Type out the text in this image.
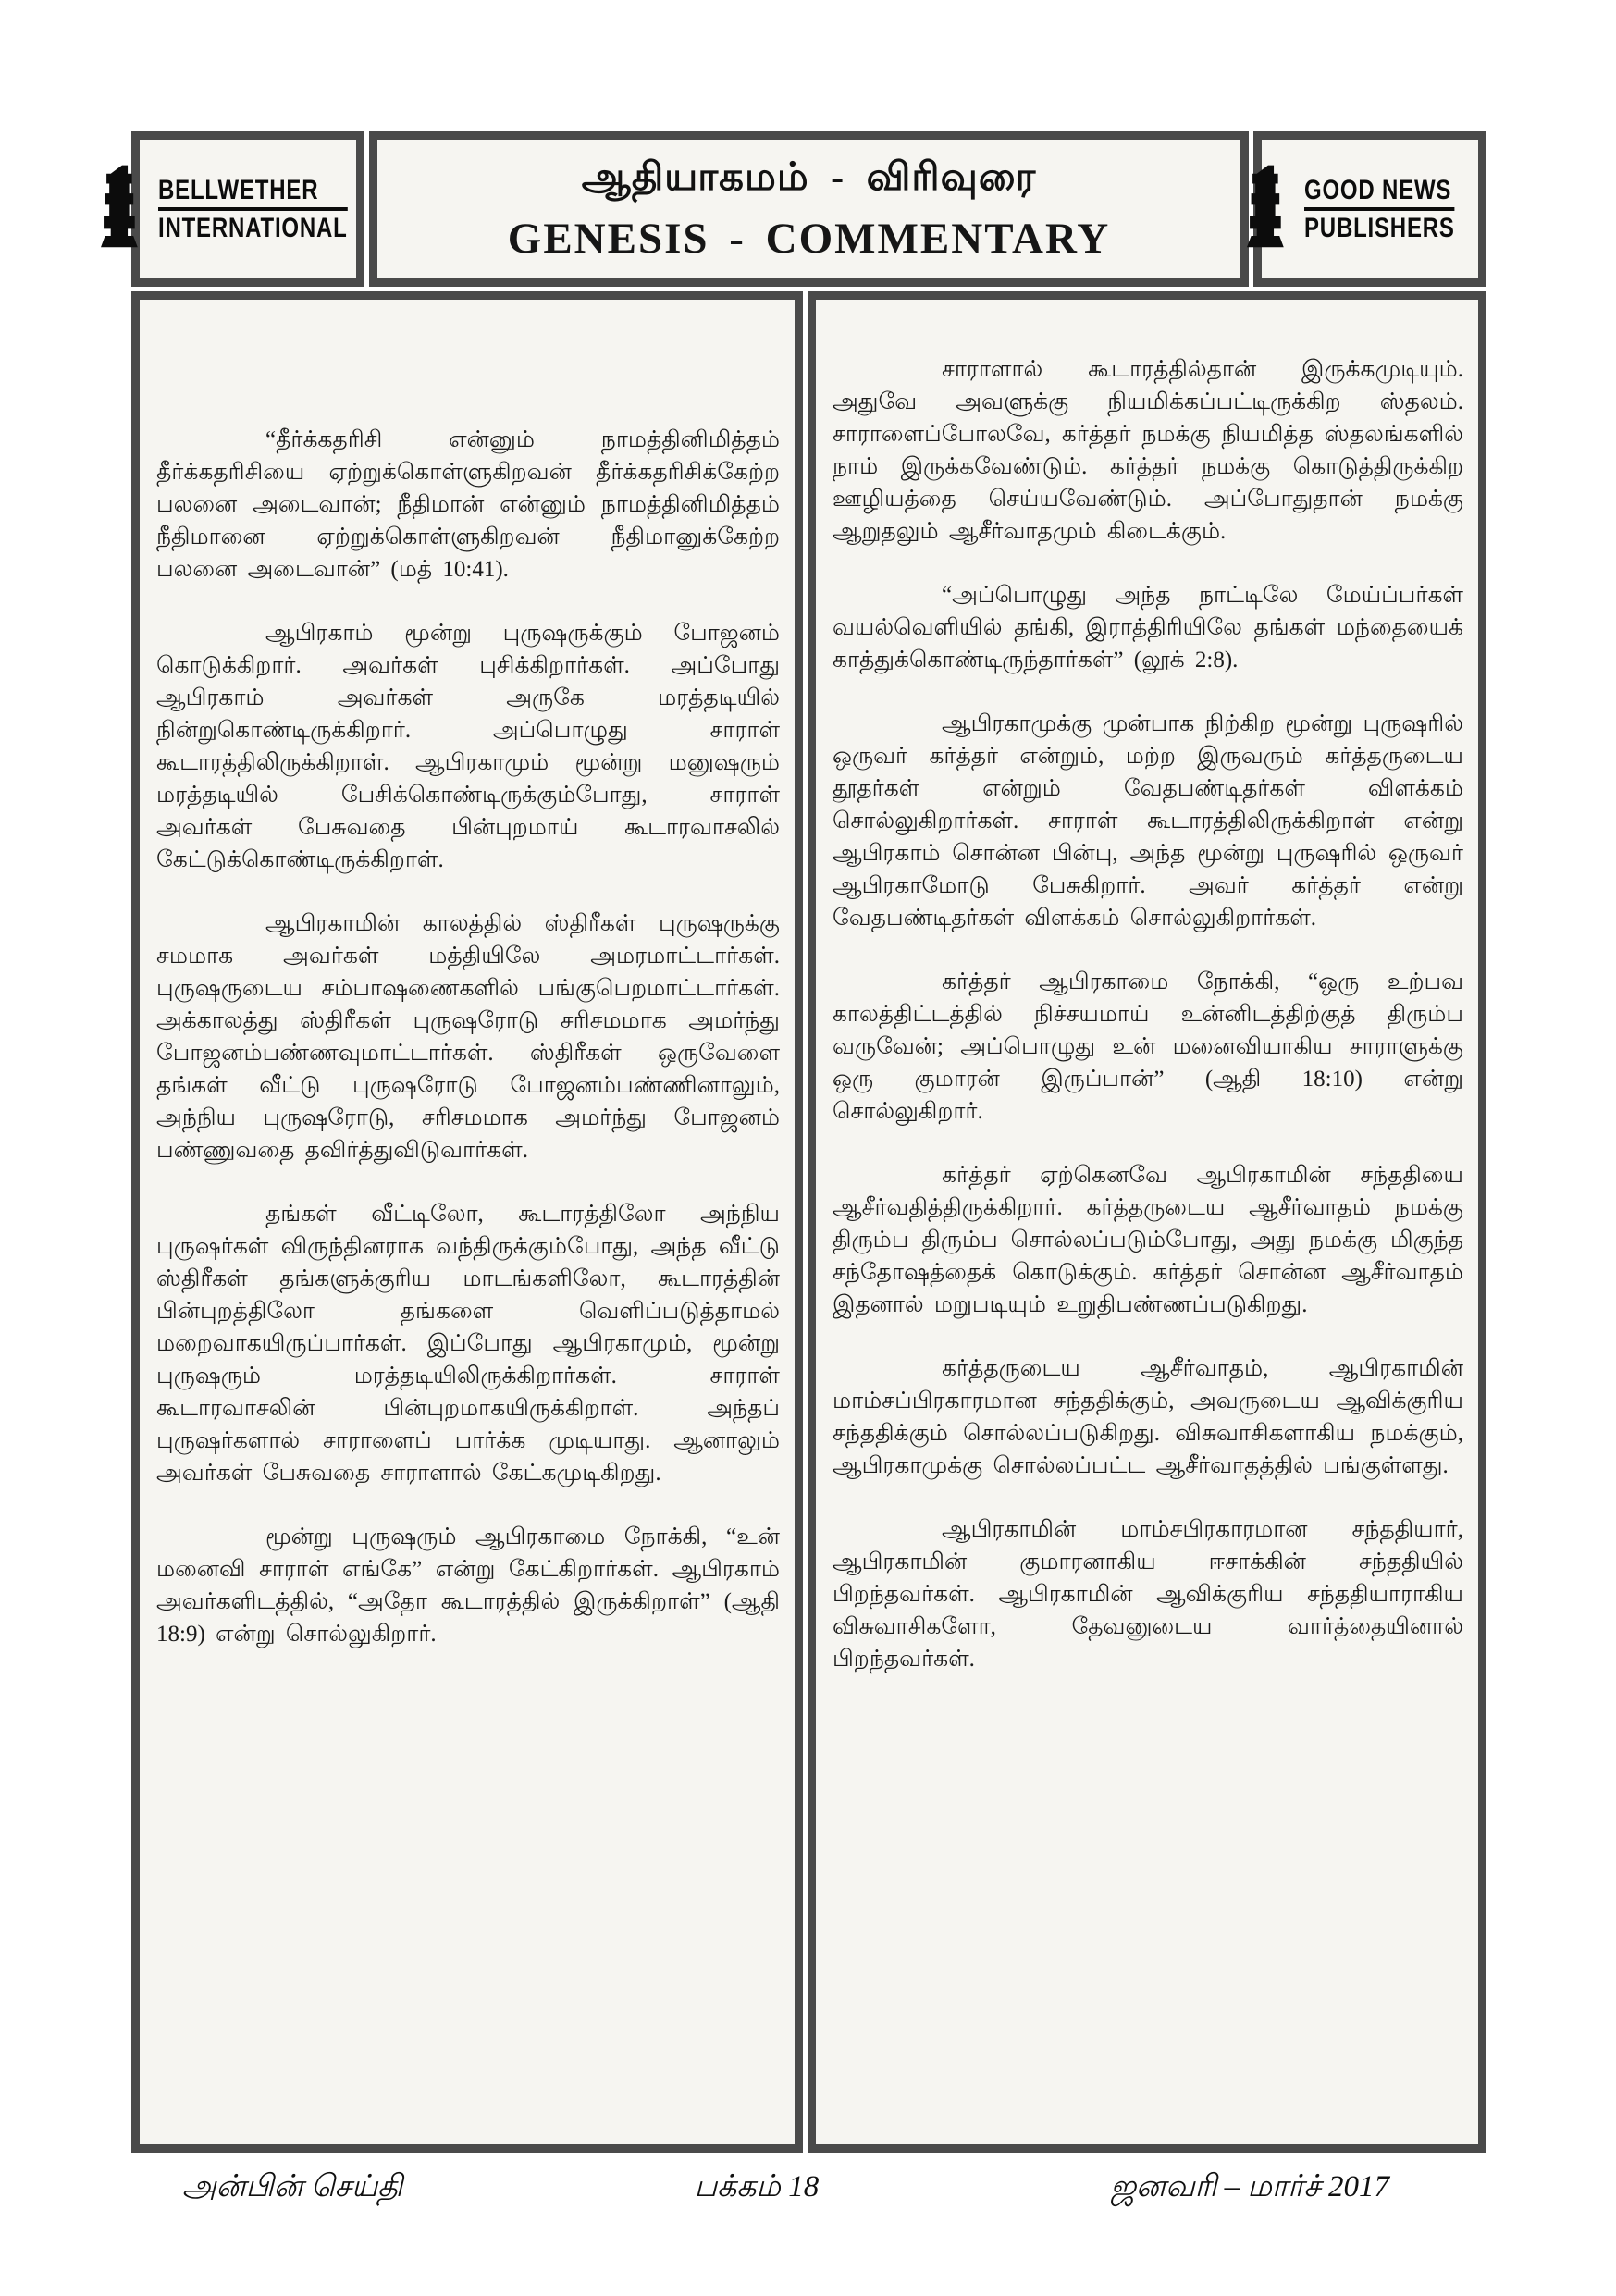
BELLWETHER
INTERNATIONAL
ஆதியாகமம் - விரிவுரை
GENESIS - COMMENTARY
GOOD NEWS
PUBLISHERS

“தீர்க்கதரிசி என்னும் நாமத்தினிமித்தம் தீர்க்கதரிசியை ஏற்றுக்கொள்ளுகிறவன் தீர்க்கதரிசிக்கேற்ற பலனை அடைவான்; நீதிமான் என்னும் நாமத்தினிமித்தம் நீதிமானை ஏற்றுக்கொள்ளுகிறவன் நீதிமானுக்கேற்ற பலனை அடைவான்” (மத் 10:41).

ஆபிரகாம் மூன்று புருஷருக்கும் போஜனம் கொடுக்கிறார். அவர்கள் புசிக்கிறார்கள். அப்போது ஆபிரகாம் அவர்கள் அருகே மரத்தடியில் நின்றுகொண்டிருக்கிறார். அப்பொழுது சாராள் கூடாரத்திலிருக்கிறாள். ஆபிரகாமும் மூன்று மனுஷரும் மரத்தடியில் பேசிக்கொண்டிருக்கும்போது, சாராள் அவர்கள் பேசுவதை பின்புறமாய் கூடாரவாசலில் கேட்டுக்கொண்டிருக்கிறாள்.

ஆபிரகாமின் காலத்தில் ஸ்திரீகள் புருஷருக்கு சமமாக அவர்கள் மத்தியிலே அமரமாட்டார்கள். புருஷருடைய சம்பாஷணைகளில் பங்குபெறமாட்டார்கள். அக்காலத்து ஸ்திரீகள் புருஷரோடு சரிசமமாக அமர்ந்து போஜனம்பண்ணவுமாட்டார்கள். ஸ்திரீகள் ஒருவேளை தங்கள் வீட்டு புருஷரோடு போஜனம்பண்ணினாலும், அந்நிய புருஷரோடு, சரிசமமாக அமர்ந்து போஜனம் பண்ணுவதை தவிர்த்துவிடுவார்கள்.

தங்கள் வீட்டிலோ, கூடாரத்திலோ அந்நிய புருஷர்கள் விருந்தினராக வந்திருக்கும்போது, அந்த வீட்டு ஸ்திரீகள் தங்களுக்குரிய மாடங்களிலோ, கூடாரத்தின் பின்புறத்திலோ தங்களை வெளிப்படுத்தாமல் மறைவாகயிருப்பார்கள். இப்போது ஆபிரகாமும், மூன்று புருஷரும் மரத்தடியிலிருக்கிறார்கள். சாராள் கூடாரவாசலின் பின்புறமாகயிருக்கிறாள். அந்தப் புருஷர்களால் சாராளைப் பார்க்க முடியாது. ஆனாலும் அவர்கள் பேசுவதை சாராளால் கேட்கமுடிகிறது.

மூன்று புருஷரும் ஆபிரகாமை நோக்கி, “உன் மனைவி சாராள் எங்கே” என்று கேட்கிறார்கள். ஆபிரகாம் அவர்களிடத்தில், “அதோ கூடாரத்தில் இருக்கிறாள்” (ஆதி 18:9) என்று சொல்லுகிறார்.

சாராளால் கூடாரத்தில்தான் இருக்கமுடியும். அதுவே அவளுக்கு நியமிக்கப்பட்டிருக்கிற ஸ்தலம். சாராளைப்போலவே, கர்த்தர் நமக்கு நியமித்த ஸ்தலங்களில் நாம் இருக்கவேண்டும். கர்த்தர் நமக்கு கொடுத்திருக்கிற ஊழியத்தை செய்யவேண்டும். அப்போதுதான் நமக்கு ஆறுதலும் ஆசீர்வாதமும் கிடைக்கும்.

“அப்பொழுது அந்த நாட்டிலே மேய்ப்பர்கள் வயல்வெளியில் தங்கி, இராத்திரியிலே தங்கள் மந்தையைக் காத்துக்கொண்டிருந்தார்கள்” (லூக் 2:8).

ஆபிரகாமுக்கு முன்பாக நிற்கிற மூன்று புருஷரில் ஒருவர் கர்த்தர் என்றும், மற்ற இருவரும் கர்த்தருடைய தூதர்கள் என்றும் வேதபண்டிதர்கள் விளக்கம் சொல்லுகிறார்கள். சாராள் கூடாரத்திலிருக்கிறாள் என்று ஆபிரகாம் சொன்ன பின்பு, அந்த மூன்று புருஷரில் ஒருவர் ஆபிரகாமோடு பேசுகிறார். அவர் கர்த்தர் என்று வேதபண்டிதர்கள் விளக்கம் சொல்லுகிறார்கள்.

கர்த்தர் ஆபிரகாமை நோக்கி, “ஒரு உற்பவ காலத்திட்டத்தில் நிச்சயமாய் உன்னிடத்திற்குத் திரும்ப வருவேன்; அப்பொழுது உன் மனைவியாகிய சாராளுக்கு ஒரு குமாரன் இருப்பான்” (ஆதி 18:10) என்று சொல்லுகிறார்.

கர்த்தர் ஏற்கெனவே ஆபிரகாமின் சந்ததியை ஆசீர்வதித்திருக்கிறார். கர்த்தருடைய ஆசீர்வாதம் நமக்கு திரும்ப திரும்ப சொல்லப்படும்போது, அது நமக்கு மிகுந்த சந்தோஷத்தைக் கொடுக்கும். கர்த்தர் சொன்ன ஆசீர்வாதம் இதனால் மறுபடியும் உறுதிபண்ணப்படுகிறது.

கர்த்தருடைய ஆசீர்வாதம், ஆபிரகாமின் மாம்சப்பிரகாரமான சந்ததிக்கும், அவருடைய ஆவிக்குரிய சந்ததிக்கும் சொல்லப்படுகிறது. விசுவாசிகளாகிய நமக்கும், ஆபிரகாமுக்கு சொல்லப்பட்ட ஆசீர்வாதத்தில் பங்குள்ளது.

ஆபிரகாமின் மாம்சபிரகாரமான சந்ததியார், ஆபிரகாமின் குமாரனாகிய ஈசாக்கின் சந்ததியில் பிறந்தவர்கள். ஆபிரகாமின் ஆவிக்குரிய சந்ததியாராகிய விசுவாசிகளோ, தேவனுடைய வார்த்தையினால் பிறந்தவர்கள்.

அன்பின் செய்தி	பக்கம் 18	ஜனவரி – மார்ச் 2017
